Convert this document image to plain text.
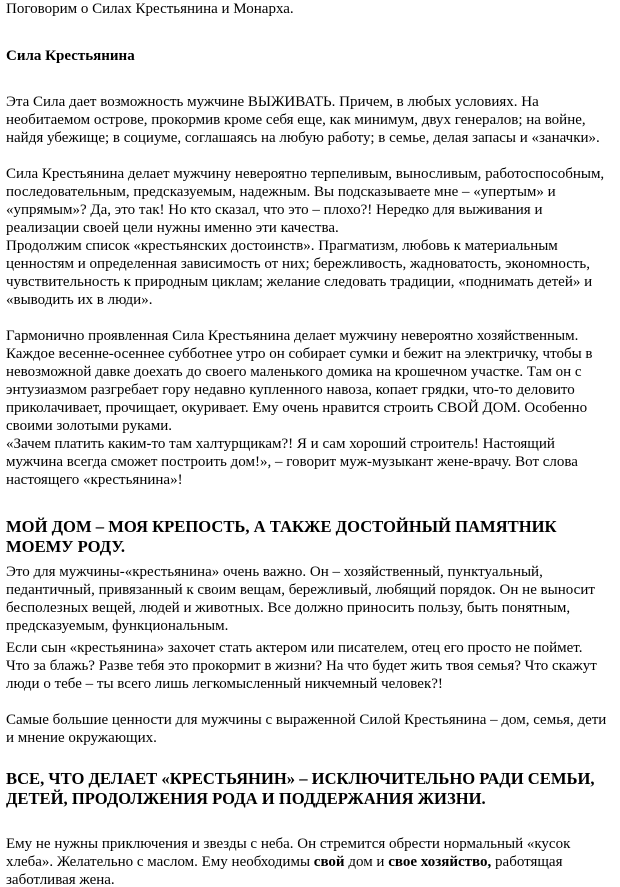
Поговорим о Силах Крестьянина и Монарха.

Сила Крестьянина

Эта Сила дает возможность мужчине ВЫЖИВАТЬ. Причем, в любых условиях. На необитаемом острове, прокормив кроме себя еще, как минимум, двух генералов; на войне, найдя убежище; в социуме, соглашаясь на любую работу; в семье, делая запасы и «заначки».

Сила Крестьянина делает мужчину невероятно терпеливым, выносливым, работоспособным, последовательным, предсказуемым, надежным. Вы подсказываете мне – «упертым» и «упрямым»? Да, это так! Но кто сказал, что это – плохо?! Нередко для выживания и реализации своей цели нужны именно эти качества.

Продолжим список «крестьянских достоинств». Прагматизм, любовь к материальным ценностям и определенная зависимость от них; бережливость, жадноватость, экономность, чувствительность к природным циклам; желание следовать традиции, «поднимать детей» и «выводить их в люди».

Гармонично проявленная Сила Крестьянина делает мужчину невероятно хозяйственным. Каждое весенне-осеннее субботнее утро он собирает сумки и бежит на электричку, чтобы в невозможной давке доехать до своего маленького домика на крошечном участке. Там он с энтузиазмом разгребает гору недавно купленного навоза, копает грядки, что-то деловито приколачивает, прочищает, окуривает. Ему очень нравится строить СВОЙ ДОМ. Особенно своими золотыми руками.

«Зачем платить каким-то там халтурщикам?! Я и сам хороший строитель! Настоящий мужчина всегда сможет построить дом!», – говорит муж-музыкант жене-врачу. Вот слова настоящего «крестьянина»!

МОЙ ДОМ – МОЯ КРЕПОСТЬ, А ТАКЖЕ ДОСТОЙНЫЙ ПАМЯТНИК МОЕМУ РОДУ.

Это для мужчины-«крестьянина» очень важно. Он – хозяйственный, пунктуальный, педантичный, привязанный к своим вещам, бережливый, любящий порядок. Он не выносит бесполезных вещей, людей и животных. Все должно приносить пользу, быть понятным, предсказуемым, функциональным.

Если сын «крестьянина» захочет стать актером или писателем, отец его просто не поймет. Что за блажь? Разве тебя это прокормит в жизни? На что будет жить твоя семья? Что скажут люди о тебе – ты всего лишь легкомысленный никчемный человек?!

Самые большие ценности для мужчины с выраженной Силой Крестьянина – дом, семья, дети и мнение окружающих.

ВСЕ, ЧТО ДЕЛАЕТ «КРЕСТЬЯНИН» – ИСКЛЮЧИТЕЛЬНО РАДИ СЕМЬИ, ДЕТЕЙ, ПРОДОЛЖЕНИЯ РОДА И ПОДДЕРЖАНИЯ ЖИЗНИ.

Ему не нужны приключения и звезды с неба. Он стремится обрести нормальный «кусок хлеба». Желательно с маслом. Ему необходимы свой дом и свое хозяйство, работящая заботливая жена.
